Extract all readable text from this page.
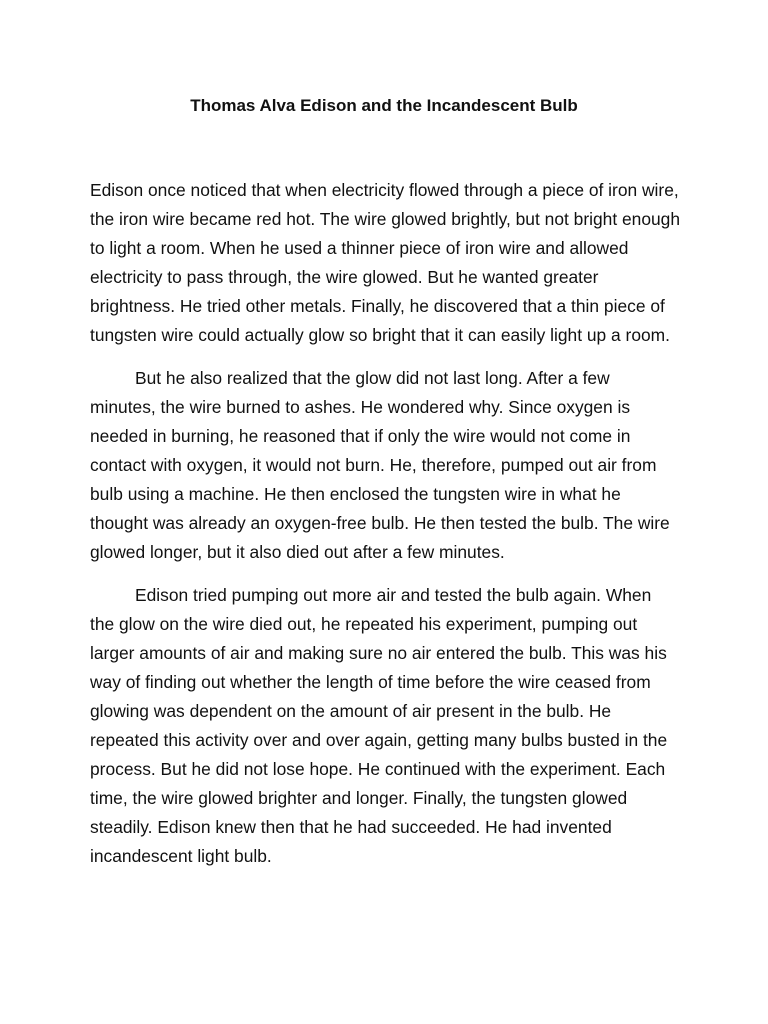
Thomas Alva Edison and the Incandescent Bulb

Edison once noticed that when electricity flowed through a piece of iron wire, the iron wire became red hot. The wire glowed brightly, but not bright enough to light a room. When he used a thinner piece of iron wire and allowed electricity to pass through, the wire glowed. But he wanted greater brightness. He tried other metals. Finally, he discovered that a thin piece of tungsten wire could actually glow so bright that it can easily light up a room.

But he also realized that the glow did not last long. After a few minutes, the wire burned to ashes. He wondered why. Since oxygen is needed in burning, he reasoned that if only the wire would not come in contact with oxygen, it would not burn. He, therefore, pumped out air from bulb using a machine. He then enclosed the tungsten wire in what he thought was already an oxygen-free bulb. He then tested the bulb. The wire glowed longer, but it also died out after a few minutes.

Edison tried pumping out more air and tested the bulb again. When the glow on the wire died out, he repeated his experiment, pumping out larger amounts of air and making sure no air entered the bulb. This was his way of finding out whether the length of time before the wire ceased from glowing was dependent on the amount of air present in the bulb. He repeated this activity over and over again, getting many bulbs busted in the process. But he did not lose hope. He continued with the experiment. Each time, the wire glowed brighter and longer. Finally, the tungsten glowed steadily. Edison knew then that he had succeeded. He had invented incandescent light bulb.
